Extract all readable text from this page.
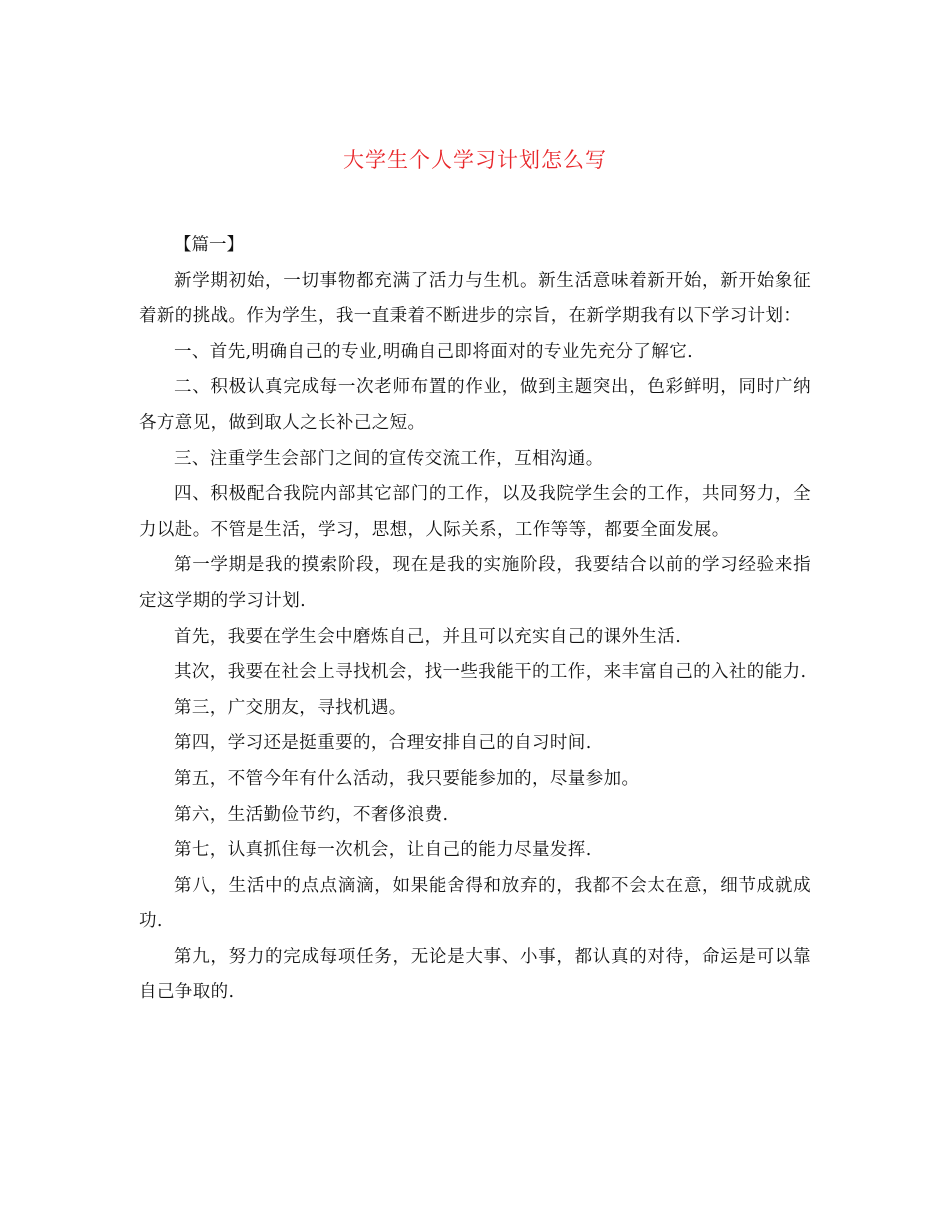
大学生个人学习计划怎么写

【篇一】

新学期初始，一切事物都充满了活力与生机。新生活意味着新开始，新开始象征着新的挑战。作为学生，我一直秉着不断进步的宗旨，在新学期我有以下学习计划：

一、首先,明确自己的专业,明确自己即将面对的专业先充分了解它.

二、积极认真完成每一次老师布置的作业，做到主题突出，色彩鲜明，同时广纳各方意见，做到取人之长补己之短。

三、注重学生会部门之间的宣传交流工作，互相沟通。

四、积极配合我院内部其它部门的工作，以及我院学生会的工作，共同努力，全力以赴。不管是生活，学习，思想，人际关系，工作等等，都要全面发展。

第一学期是我的摸索阶段，现在是我的实施阶段，我要结合以前的学习经验来指定这学期的学习计划.

首先，我要在学生会中磨炼自己，并且可以充实自己的课外生活.

其次，我要在社会上寻找机会，找一些我能干的工作，来丰富自己的入社的能力.

第三，广交朋友，寻找机遇。

第四，学习还是挺重要的，合理安排自己的自习时间.

第五，不管今年有什么活动，我只要能参加的，尽量参加。

第六，生活勤俭节约，不奢侈浪费.

第七，认真抓住每一次机会，让自己的能力尽量发挥.

第八，生活中的点点滴滴，如果能舍得和放弃的，我都不会太在意，细节成就成功.

第九，努力的完成每项任务，无论是大事、小事，都认真的对待，命运是可以靠自己争取的.
